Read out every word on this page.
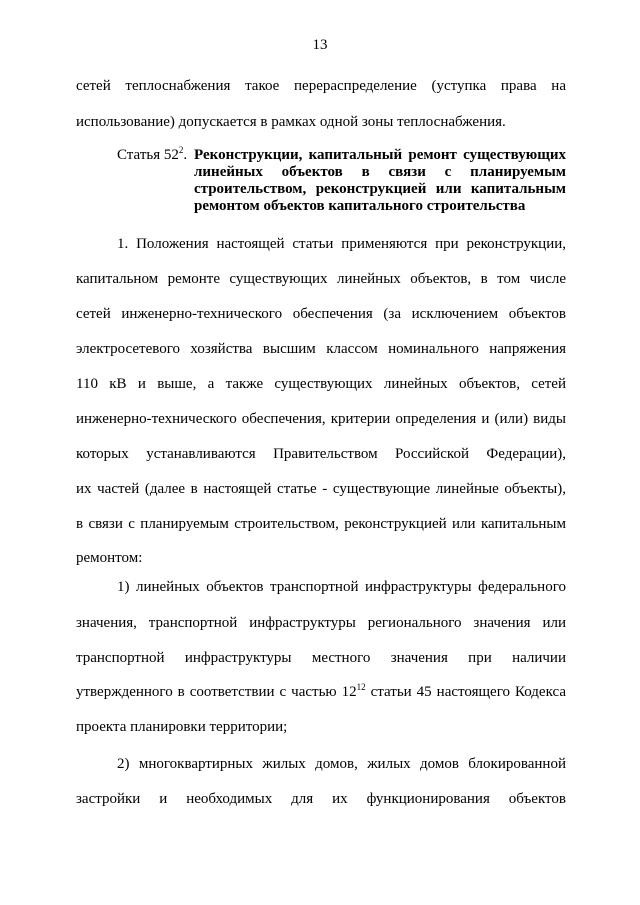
13
сетей теплоснабжения такое перераспределение (уступка права на
использование) допускается в рамках одной зоны теплоснабжения.
Статья $52^2$. Реконструкции, капитальный ремонт существующих
линейных объектов в связи с планируемым
строительством, реконструкцией или капитальным
ремонтом объектов капитального строительства
1. Положения настоящей статьи применяются при реконструкции,
капитальном ремонте существующих линейных объектов, в том числе
сетей инженерно-технического обеспечения (за исключением объектов
электросетевого хозяйства высшим классом номинального напряжения
110 кВ и выше, а также существующих линейных объектов, сетей
инженерно-технического обеспечения, критерии определения и (или) виды
которых устанавливаются Правительством Российской Федерации),
их частей (далее в настоящей статье - существующие линейные объекты),
в связи с планируемым строительством, реконструкцией или капитальным
ремонтом:
1) линейных объектов транспортной инфраструктуры федерального
значения, транспортной инфраструктуры регионального значения или
транспортной инфраструктуры местного значения при наличии
утвержденного в соответствии с частью $12^{12}$ статьи 45 настоящего Кодекса
проекта планировки территории;
2) многоквартирных жилых домов, жилых домов блокированной
застройки и необходимых для их функционирования объектов
